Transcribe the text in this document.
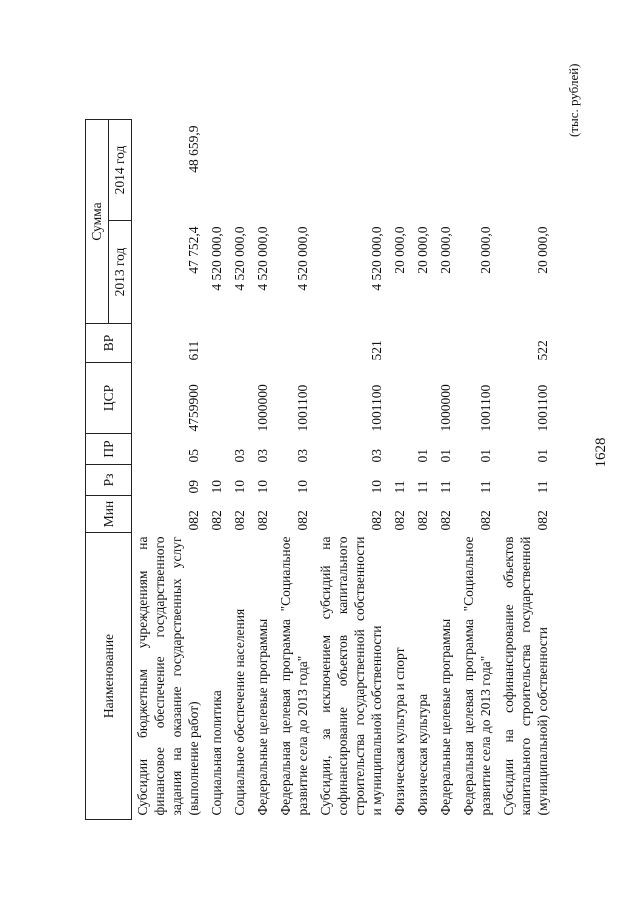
1628
(тыс. рублей)
Наименование	Мин	Рз	ПР	ЦСР	ВР	Сумма	
						2013 год	2014 год
Субсидии бюджетным учреждениям на финансовое обеспечение государственного задания на оказание государственных услуг (выполнение работ)	082	09	05	4759900	611	47 752,4	48 659,9
Социальная политика	082	10				4 520 000,0	
Социальное обеспечение населения	082	10	03			4 520 000,0	
Федеральные целевые программы	082	10	03	1000000		4 520 000,0	
Федеральная целевая программа "Социальное развитие села до 2013 года"	082	10	03	1001100		4 520 000,0	
Субсидии, за исключением субсидий на софинансирование объектов капитального строительства государственной собственности и муниципальной собственности	082	10	03	1001100	521	4 520 000,0	
Физическая культура и спорт	082	11				20 000,0	
Физическая культура	082	11	01			20 000,0	
Федеральные целевые программы	082	11	01	1000000		20 000,0	
Федеральная целевая программа "Социальное развитие села до 2013 года"	082	11	01	1001100		20 000,0	
Субсидии на софинансирование объектов капитального строительства государственной (муниципальной) собственности	082	11	01	1001100	522	20 000,0	
